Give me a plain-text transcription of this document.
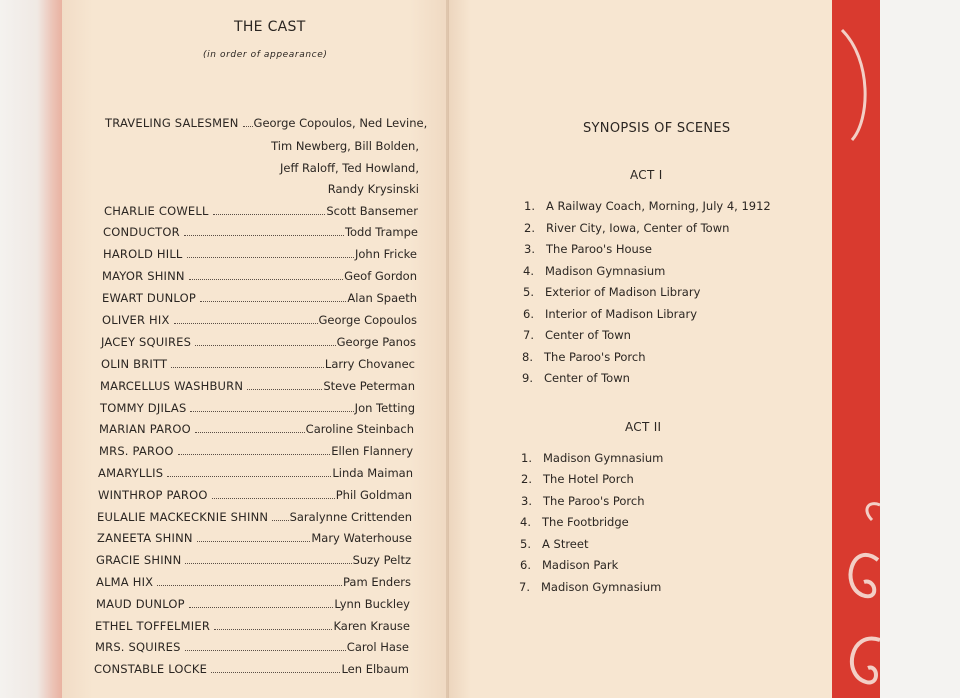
THE CAST
(in order of appearance)
TRAVELING SALESMEN George Copoulos, Ned Levine,
Tim Newberg, Bill Bolden,
Jeff Raloff, Ted Howland,
Randy Krysinski
CHARLIE COWELL	Scott Bansemer
CONDUCTOR	Todd Trampe
HAROLD HILL	John Fricke
MAYOR SHINN	Geof Gordon
EWART DUNLOP	Alan Spaeth
OLIVER HIX	George Copoulos
JACEY SQUIRES	George Panos
OLIN BRITT	Larry Chovanec
MARCELLUS WASHBURN	Steve Peterman
TOMMY DJILAS	Jon Tetting
MARIAN PAROO	Caroline Steinbach
MRS. PAROO	Ellen Flannery
AMARYLLIS	Linda Maiman
WINTHROP PAROO	Phil Goldman
EULALIE MACKECKNIE SHINN Saralynne Crittenden
ZANEETA SHINN	Mary Waterhouse
GRACIE SHINN	Suzy Peltz
ALMA HIX	Pam Enders
MAUD DUNLOP	Lynn Buckley
ETHEL TOFFELMIER	Karen Krause
MRS. SQUIRES	Carol Hase
CONSTABLE LOCKE	Len Elbaum
SYNOPSIS OF SCENES
ACT I
1. A Railway Coach, Morning, July 4, 1912
2. River City, Iowa, Center of Town
3. The Paroo's House
4. Madison Gymnasium
5. Exterior of Madison Library
6. Interior of Madison Library
7. Center of Town
8. The Paroo's Porch
9. Center of Town
ACT II
1. Madison Gymnasium
2. The Hotel Porch
3. The Paroo's Porch
4. The Footbridge
5. A Street
6. Madison Park
7. Madison Gymnasium
